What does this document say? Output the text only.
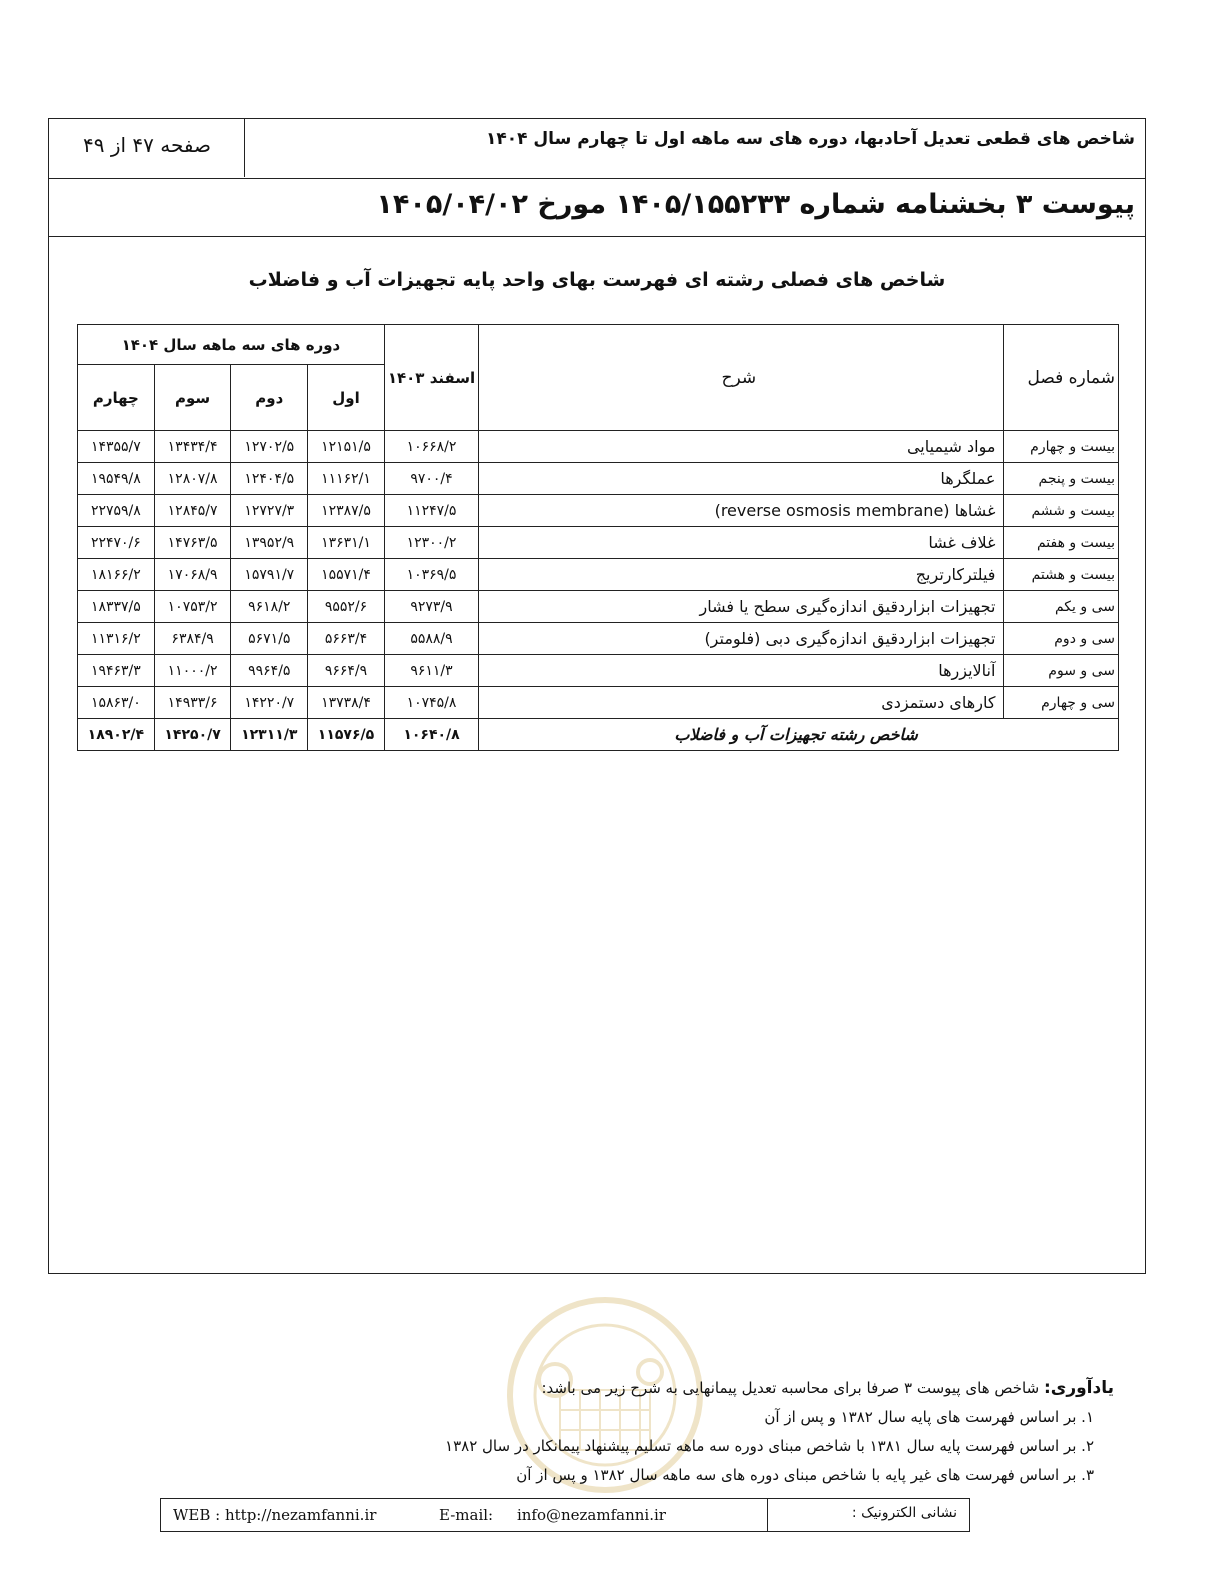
شاخص های قطعی تعدیل آحادبها، دوره های سه ماهه اول تا چهارم سال ۱۴۰۴
صفحه ۴۷ از ۴۹
پیوست ۳ بخشنامه شماره ۱۴۰۵/۱۵۵۲۳۳ مورخ ۱۴۰۵/۰۴/۰۲
شاخص های فصلی رشته ای فهرست بهای واحد پایه تجهیزات آب و فاضلاب
شماره فصل	شرح	اسفند ۱۴۰۳	دوره های سه ماهه سال ۱۴۰۴			
			اول	دوم	سوم	چهارم
بیست و چهارم	مواد شیمیایی	۱۰۶۶۸/۲	۱۲۱۵۱/۵	۱۲۷۰۲/۵	۱۳۴۳۴/۴	۱۴۳۵۵/۷
بیست و پنجم	عملگرها	۹۷۰۰/۴	۱۱۱۶۲/۱	۱۲۴۰۴/۵	۱۲۸۰۷/۸	۱۹۵۴۹/۸
بیست و ششم	غشاها (reverse osmosis membrane)	۱۱۲۴۷/۵	۱۲۳۸۷/۵	۱۲۷۲۷/۳	۱۲۸۴۵/۷	۲۲۷۵۹/۸
بیست و هفتم	غلاف غشا	۱۲۳۰۰/۲	۱۳۶۳۱/۱	۱۳۹۵۲/۹	۱۴۷۶۳/۵	۲۲۴۷۰/۶
بیست و هشتم	فیلترکارتریج	۱۰۳۶۹/۵	۱۵۵۷۱/۴	۱۵۷۹۱/۷	۱۷۰۶۸/۹	۱۸۱۶۶/۲
سی و یکم	تجهیزات ابزاردقیق اندازه‌گیری سطح یا فشار	۹۲۷۳/۹	۹۵۵۲/۶	۹۶۱۸/۲	۱۰۷۵۳/۲	۱۸۳۳۷/۵
سی و دوم	تجهیزات ابزاردقیق اندازه‌گیری دبی (فلومتر)	۵۵۸۸/۹	۵۶۶۳/۴	۵۶۷۱/۵	۶۳۸۴/۹	۱۱۳۱۶/۲
سی و سوم	آنالایزرها	۹۶۱۱/۳	۹۶۶۴/۹	۹۹۶۴/۵	۱۱۰۰۰/۲	۱۹۴۶۳/۳
سی و چهارم	کارهای دستمزدی	۱۰۷۴۵/۸	۱۳۷۳۸/۴	۱۴۲۲۰/۷	۱۴۹۳۳/۶	۱۵۸۶۳/۰
شاخص رشته تجهیزات آب و فاضلاب		۱۰۶۴۰/۸	۱۱۵۷۶/۵	۱۲۳۱۱/۳	۱۴۲۵۰/۷	۱۸۹۰۲/۴
یادآوری: شاخص های پیوست ۳ صرفا برای محاسبه تعدیل پیمانهایی به شرح زیر می باشد:
۱. بر اساس فهرست های پایه سال ۱۳۸۲ و پس از آن
۲. بر اساس فهرست پایه سال ۱۳۸۱ با شاخص مبنای دوره سه ماهه تسلیم پیشنهاد پیمانکار در سال ۱۳۸۲
۳. بر اساس فهرست های غیر پایه با شاخص مبنای دوره های سه ماهه سال ۱۳۸۲ و پس از آن
WEB : http://nezamfanni.ir	E-mail:     info@nezamfanni.ir	نشانی الکترونیک :
